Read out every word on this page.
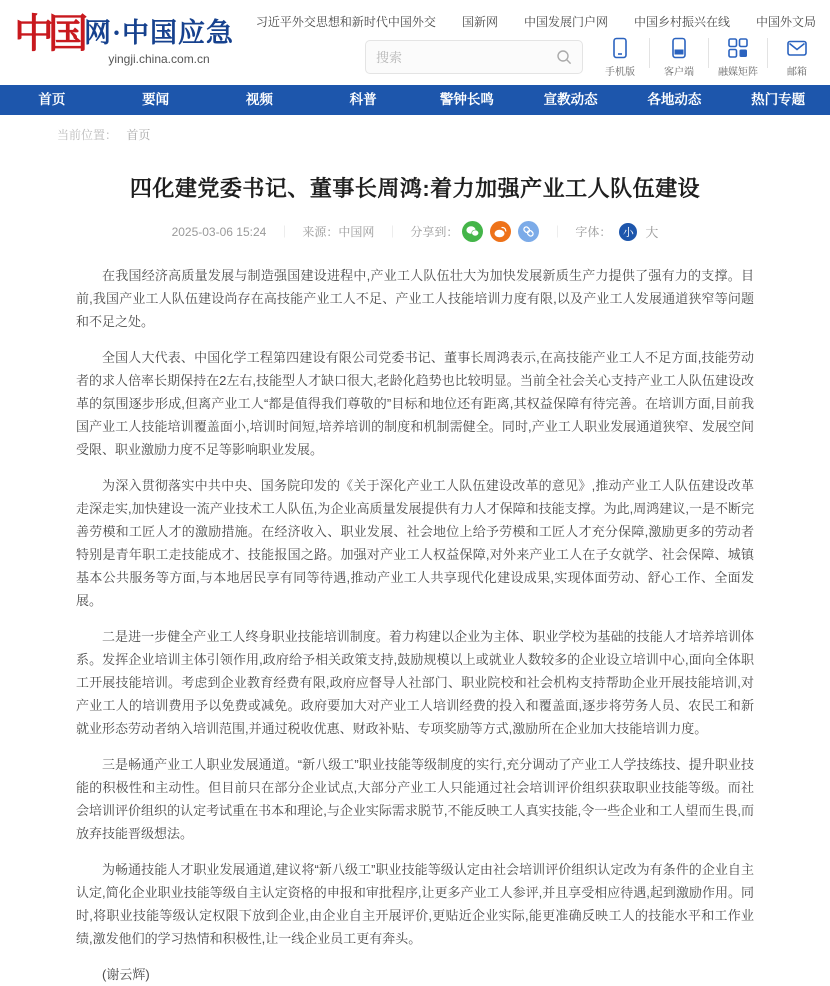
中国 网·中国应急
yingji.china.com.cn
习近平外交思想和新时代中国外交 国新网 中国发展门户网 中国乡村振兴在线 中国外文局
搜索
手机版	客户端 融媒矩阵	邮箱
首页	要闻	视频	科普	警钟长鸣	宣教动态	各地动态	热门专题
当前位置： 首页
四化建党委书记、董事长周鸿:着力加强产业工人队伍建设
2025-03-06 15:24 ｜ 来源：中国网 ｜ 分享到：	｜ 字体：	小 大

在我国经济高质量发展与制造强国建设进程中,产业工人队伍壮大为加快发展新质生产力提供了强有力的支撑。目前,我国产业工人队伍建设尚存在高技能产业工人不足、产业工人技能培训力度有限,以及产业工人发展通道狭窄等问题和不足之处。

全国人大代表、中国化学工程第四建设有限公司党委书记、董事长周鸿表示,在高技能产业工人不足方面,技能劳动者的求人倍率长期保持在2左右,技能型人才缺口很大,老龄化趋势也比较明显。当前全社会关心支持产业工人队伍建设改革的氛围逐步形成,但离产业工人“都是值得我们尊敬的”目标和地位还有距离,其权益保障有待完善。在培训方面,目前我国产业工人技能培训覆盖面小,培训时间短,培养培训的制度和机制需健全。同时,产业工人职业发展通道狭窄、发展空间受限、职业激励力度不足等影响职业发展。

为深入贯彻落实中共中央、国务院印发的《关于深化产业工人队伍建设改革的意见》,推动产业工人队伍建设改革走深走实,加快建设一流产业技术工人队伍,为企业高质量发展提供有力人才保障和技能支撑。为此,周鸿建议,一是不断完善劳模和工匠人才的激励措施。在经济收入、职业发展、社会地位上给予劳模和工匠人才充分保障,激励更多的劳动者特别是青年职工走技能成才、技能报国之路。加强对产业工人权益保障,对外来产业工人在子女就学、社会保障、城镇基本公共服务等方面,与本地居民享有同等待遇,推动产业工人共享现代化建设成果,实现体面劳动、舒心工作、全面发展。

二是进一步健全产业工人终身职业技能培训制度。着力构建以企业为主体、职业学校为基础的技能人才培养培训体系。发挥企业培训主体引领作用,政府给予相关政策支持,鼓励规模以上或就业人数较多的企业设立培训中心,面向全体职工开展技能培训。考虑到企业教育经费有限,政府应督导人社部门、职业院校和社会机构支持帮助企业开展技能培训,对产业工人的培训费用予以免费或减免。政府要加大对产业工人培训经费的投入和覆盖面,逐步将劳务人员、农民工和新就业形态劳动者纳入培训范围,并通过税收优惠、财政补贴、专项奖励等方式,激励所在企业加大技能培训力度。

三是畅通产业工人职业发展通道。“新八级工”职业技能等级制度的实行,充分调动了产业工人学技练技、提升职业技能的积极性和主动性。但目前只在部分企业试点,大部分产业工人只能通过社会培训评价组织获取职业技能等级。而社会培训评价组织的认定考试重在书本和理论,与企业实际需求脱节,不能反映工人真实技能,令一些企业和工人望而生畏,而放弃技能晋级想法。

为畅通技能人才职业发展通道,建议将“新八级工”职业技能等级认定由社会培训评价组织认定改为有条件的企业自主认定,简化企业职业技能等级自主认定资格的申报和审批程序,让更多产业工人参评,并且享受相应待遇,起到激励作用。同时,将职业技能等级认定权限下放到企业,由企业自主开展评价,更贴近企业实际,能更准确反映工人的技能水平和工作业绩,激发他们的学习热情和积极性,让一线企业员工更有奔头。

(谢云辉)
